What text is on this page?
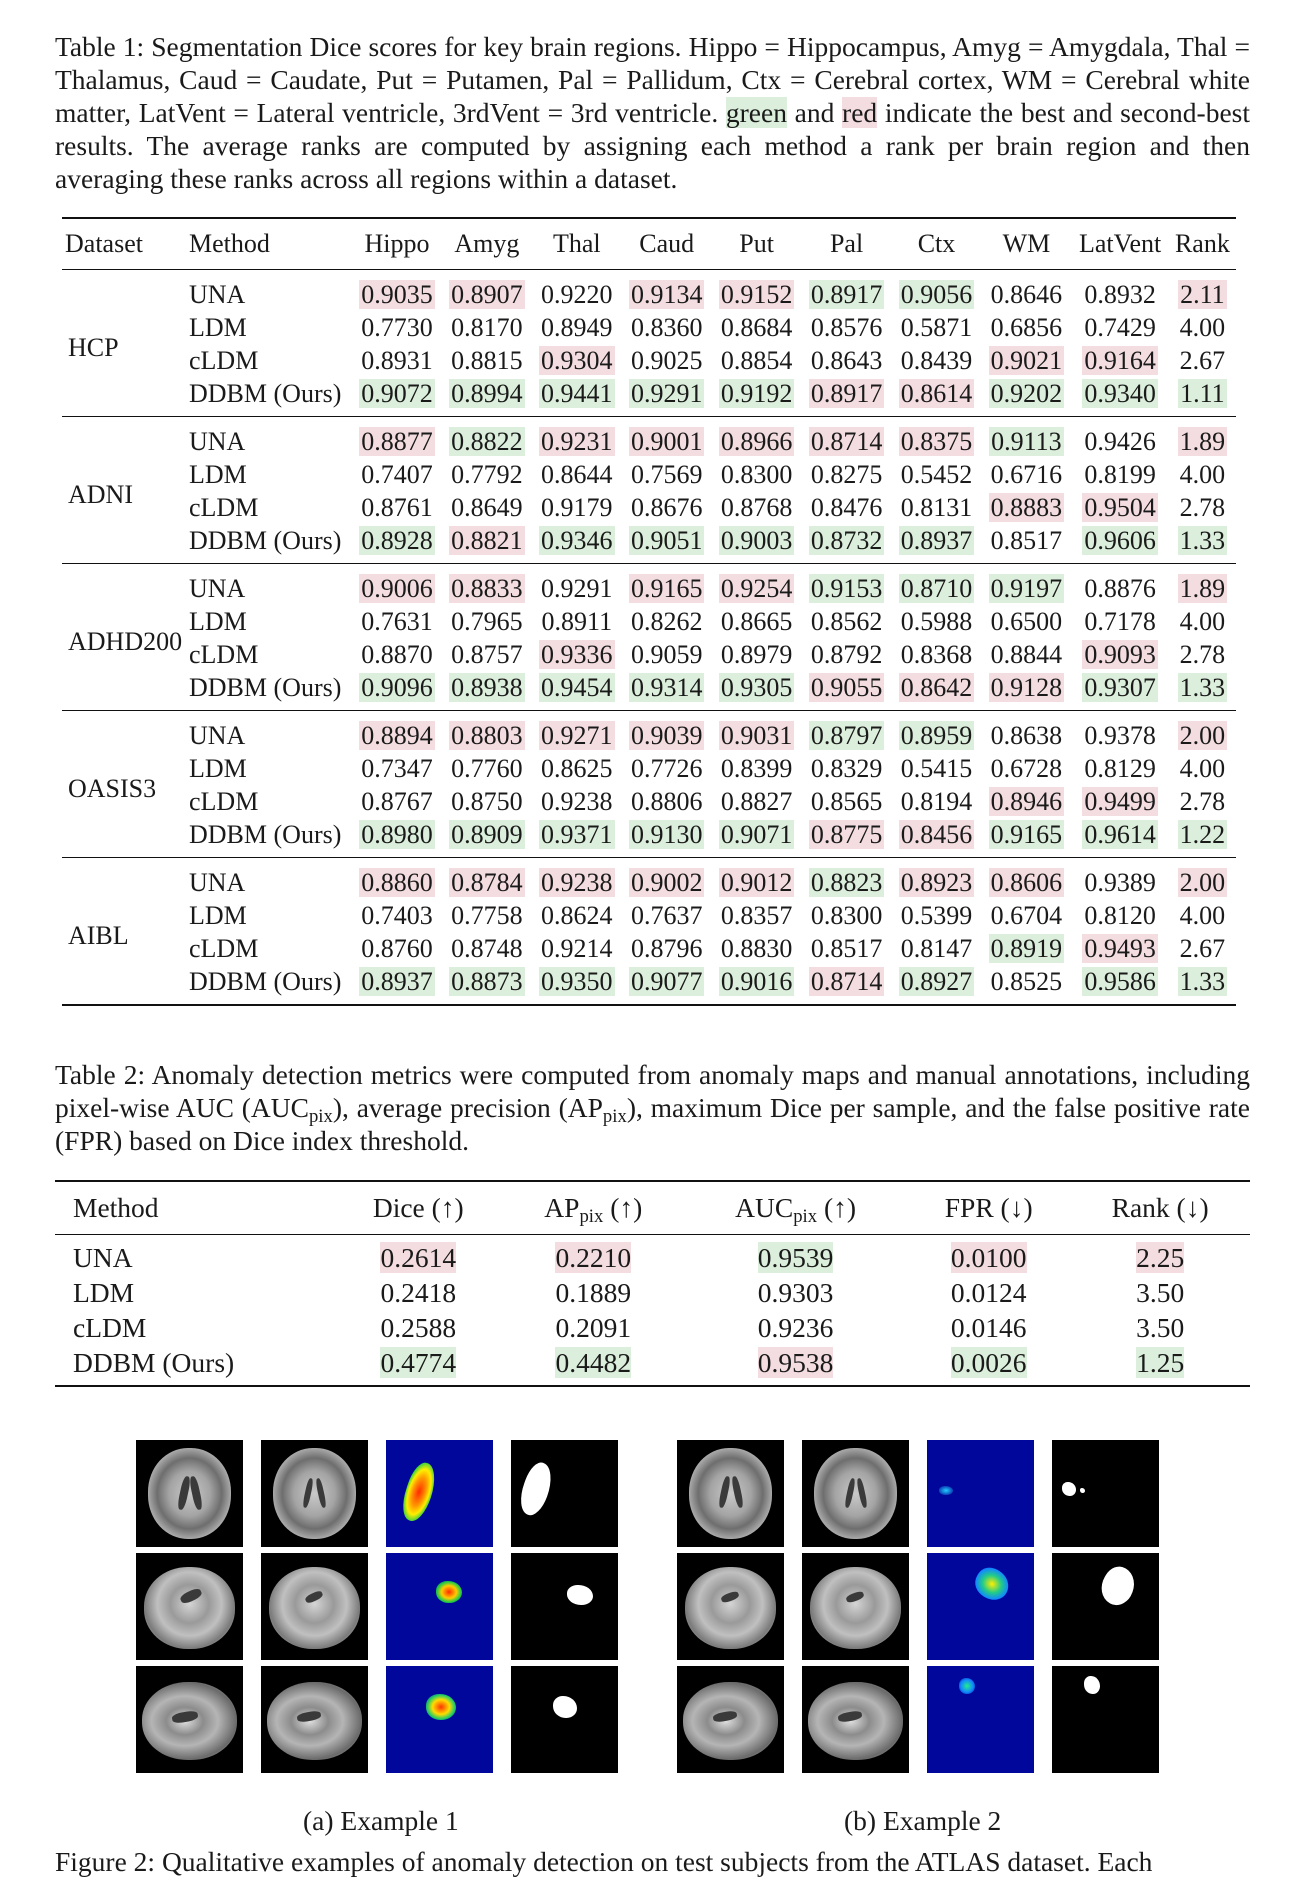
Table 1: Segmentation Dice scores for key brain regions. Hippo = Hippocampus, Amyg = Amygdala, Thal = Thalamus, Caud = Caudate, Put = Putamen, Pal = Pallidum, Ctx = Cerebral cortex, WM = Cerebral white matter, LatVent = Lateral ventricle, 3rdVent = 3rd ventricle. green and red indicate the best and second-best results. The average ranks are computed by assigning each method a rank per brain region and then averaging these ranks across all regions within a dataset.
Dataset	Method	Hippo	Amyg	Thal	Caud	Put	Pal	Ctx	WM	LatVent	Rank
HCP	UNA	0.9035	0.8907	0.9220	0.9134	0.9152	0.8917	0.9056	0.8646	0.8932	2.11
	LDM	0.7730	0.8170	0.8949	0.8360	0.8684	0.8576	0.5871	0.6856	0.7429	4.00
	cLDM	0.8931	0.8815	0.9304	0.9025	0.8854	0.8643	0.8439	0.9021	0.9164	2.67
	DDBM (Ours)	0.9072	0.8994	0.9441	0.9291	0.9192	0.8917	0.8614	0.9202	0.9340	1.11
ADNI	UNA	0.8877	0.8822	0.9231	0.9001	0.8966	0.8714	0.8375	0.9113	0.9426	1.89
	LDM	0.7407	0.7792	0.8644	0.7569	0.8300	0.8275	0.5452	0.6716	0.8199	4.00
	cLDM	0.8761	0.8649	0.9179	0.8676	0.8768	0.8476	0.8131	0.8883	0.9504	2.78
	DDBM (Ours)	0.8928	0.8821	0.9346	0.9051	0.9003	0.8732	0.8937	0.8517	0.9606	1.33
ADHD200	UNA	0.9006	0.8833	0.9291	0.9165	0.9254	0.9153	0.8710	0.9197	0.8876	1.89
	LDM	0.7631	0.7965	0.8911	0.8262	0.8665	0.8562	0.5988	0.6500	0.7178	4.00
	cLDM	0.8870	0.8757	0.9336	0.9059	0.8979	0.8792	0.8368	0.8844	0.9093	2.78
	DDBM (Ours)	0.9096	0.8938	0.9454	0.9314	0.9305	0.9055	0.8642	0.9128	0.9307	1.33
OASIS3	UNA	0.8894	0.8803	0.9271	0.9039	0.9031	0.8797	0.8959	0.8638	0.9378	2.00
	LDM	0.7347	0.7760	0.8625	0.7726	0.8399	0.8329	0.5415	0.6728	0.8129	4.00
	cLDM	0.8767	0.8750	0.9238	0.8806	0.8827	0.8565	0.8194	0.8946	0.9499	2.78
	DDBM (Ours)	0.8980	0.8909	0.9371	0.9130	0.9071	0.8775	0.8456	0.9165	0.9614	1.22
AIBL	UNA	0.8860	0.8784	0.9238	0.9002	0.9012	0.8823	0.8923	0.8606	0.9389	2.00
	LDM	0.7403	0.7758	0.8624	0.7637	0.8357	0.8300	0.5399	0.6704	0.8120	4.00
	cLDM	0.8760	0.8748	0.9214	0.8796	0.8830	0.8517	0.8147	0.8919	0.9493	2.67
	DDBM (Ours)	0.8937	0.8873	0.9350	0.9077	0.9016	0.8714	0.8927	0.8525	0.9586	1.33
Table 2: Anomaly detection metrics were computed from anomaly maps and manual annotations, including pixel-wise AUC $(AUC_{pix})$, average precision $(AP_{pix})$, maximum Dice per sample, and the false positive rate (FPR) based on Dice index threshold.
Method	Dice (↑)	$AP_{pix}$ (↑)	$AUC_{pix}$ (↑)	FPR (↓)	Rank (↓)
UNA	0.2614	0.2210	0.9539	0.0100	2.25
LDM	0.2418	0.1889	0.9303	0.0124	3.50
cLDM	0.2588	0.2091	0.9236	0.0146	3.50
DDBM (Ours)	0.4774	0.4482	0.9538	0.0026	1.25
(a) Example 1	(b) Example 2
Figure 2: Qualitative examples of anomaly detection on test subjects from the ATLAS dataset. Each
